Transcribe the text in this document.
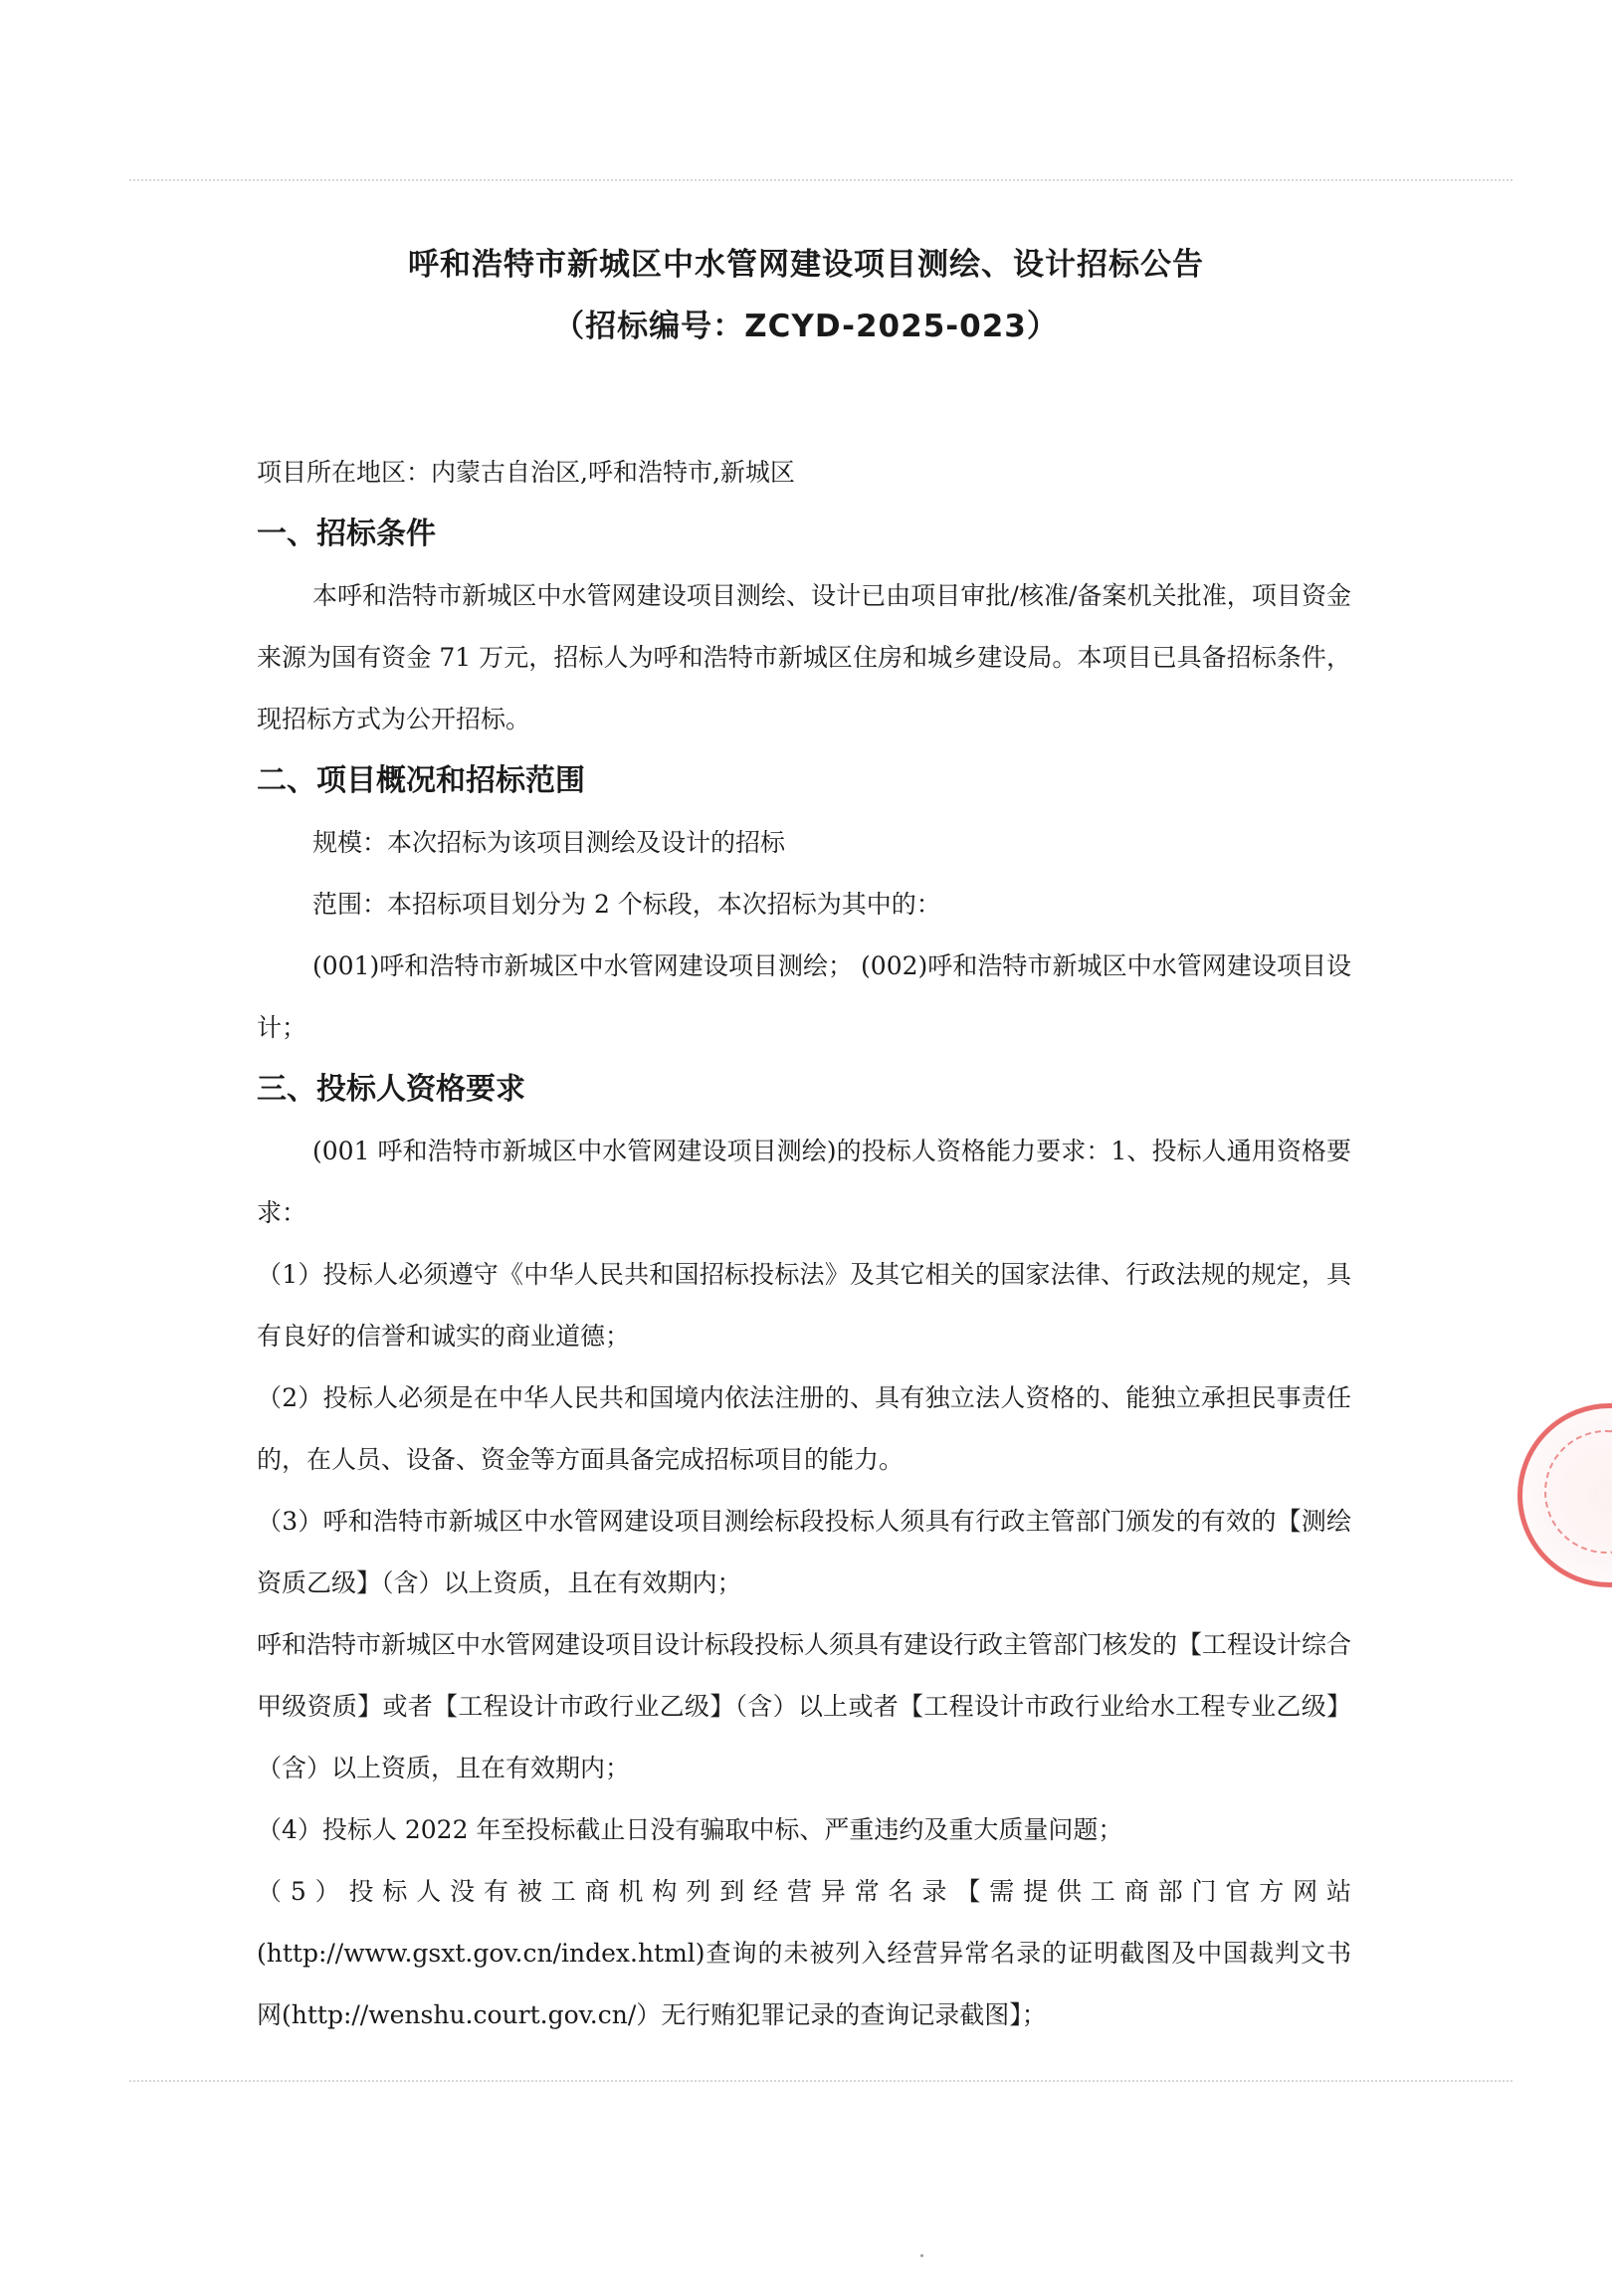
呼和浩特市新城区中水管网建设项目测绘、设计招标公告
（招标编号：ZCYD-2025-023）

项目所在地区：内蒙古自治区,呼和浩特市,新城区

一、招标条件

本呼和浩特市新城区中水管网建设项目测绘、设计已由项目审批/核准/备案机关批准，项目资金来源为国有资金 71 万元，招标人为呼和浩特市新城区住房和城乡建设局。本项目已具备招标条件，现招标方式为公开招标。

二、项目概况和招标范围

规模：本次招标为该项目测绘及设计的招标

范围：本招标项目划分为 2 个标段，本次招标为其中的：

(001)呼和浩特市新城区中水管网建设项目测绘； (002)呼和浩特市新城区中水管网建设项目设计；

三、投标人资格要求

(001 呼和浩特市新城区中水管网建设项目测绘)的投标人资格能力要求：1、投标人通用资格要求：

（1）投标人必须遵守《中华人民共和国招标投标法》及其它相关的国家法律、行政法规的规定，具有良好的信誉和诚实的商业道德；

（2）投标人必须是在中华人民共和国境内依法注册的、具有独立法人资格的、能独立承担民事责任的，在人员、设备、资金等方面具备完成招标项目的能力。

（3）呼和浩特市新城区中水管网建设项目测绘标段投标人须具有行政主管部门颁发的有效的【测绘资质乙级】（含）以上资质，且在有效期内；

呼和浩特市新城区中水管网建设项目设计标段投标人须具有建设行政主管部门核发的【工程设计综合甲级资质】或者【工程设计市政行业乙级】（含）以上或者【工程设计市政行业给水工程专业乙级】（含）以上资质，且在有效期内；

（4）投标人 2022 年至投标截止日没有骗取中标、严重违约及重大质量问题；

（5）投标人没有被工商机构列到经营异常名录【需提供工商部门官方网站(http://www.gsxt.gov.cn/index.html)查询的未被列入经营异常名录的证明截图及中国裁判文书网(http://wenshu.court.gov.cn/）无行贿犯罪记录的查询记录截图】；
